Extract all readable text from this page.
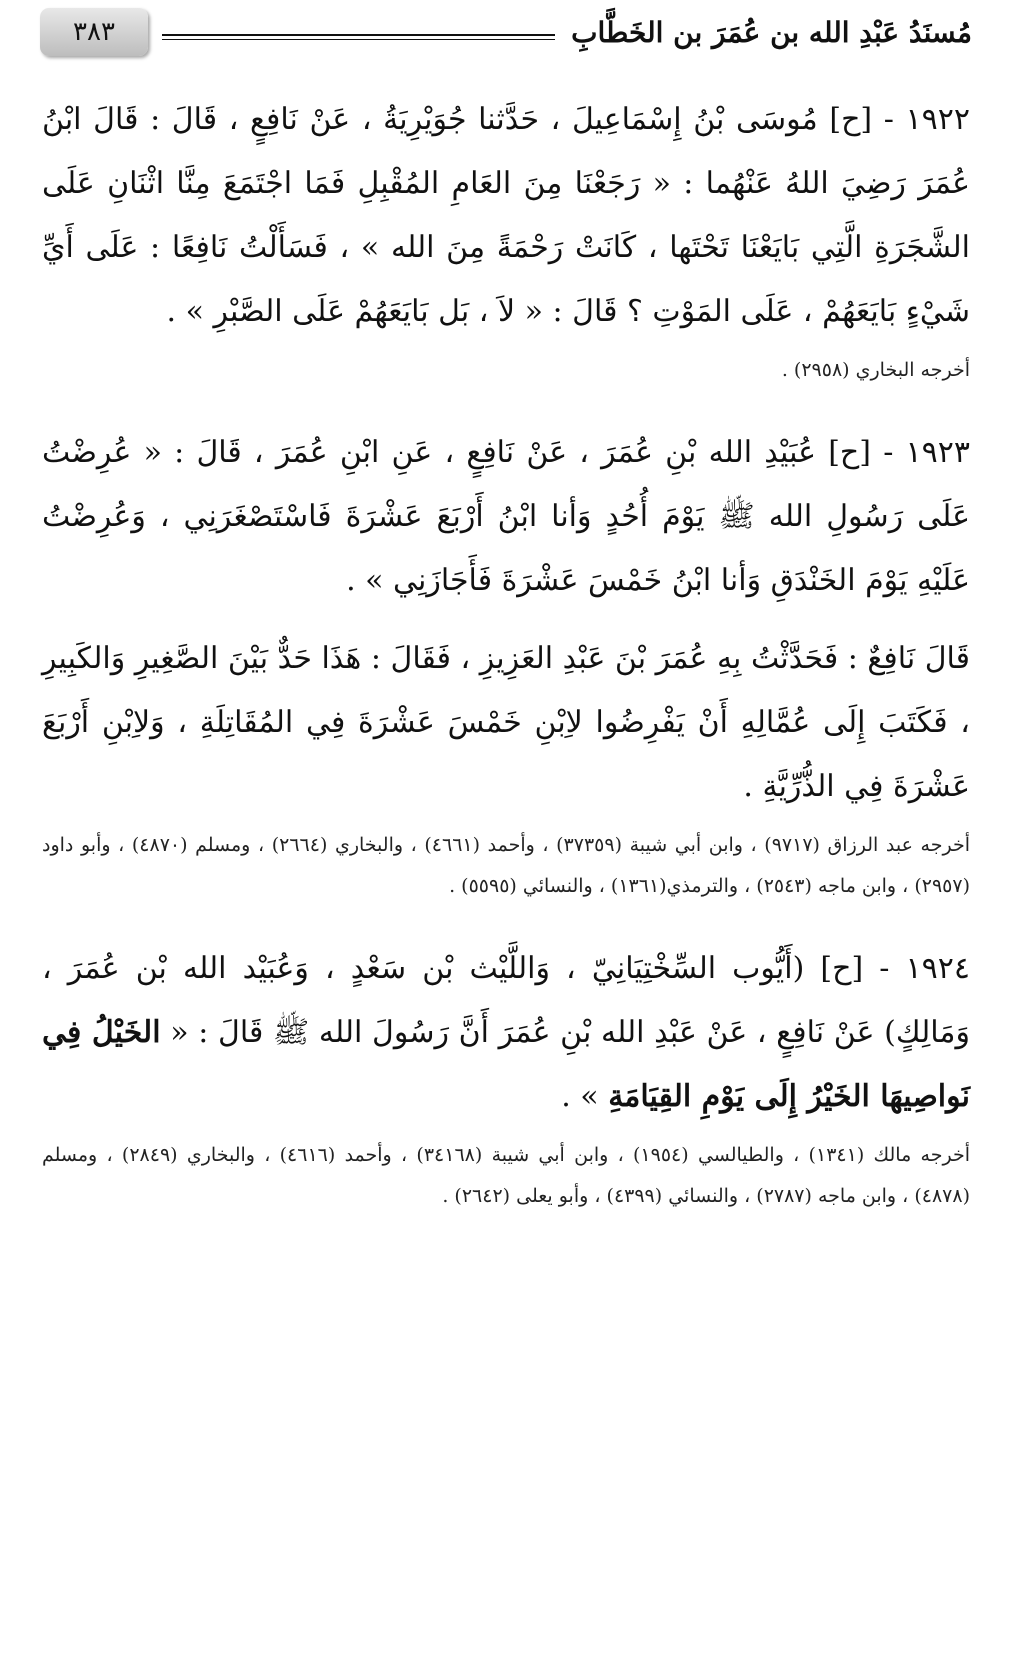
مُسنَدُ عَبْدِ الله بن عُمَرَ بن الخَطَّابِ
٣٨٣

١٩٢٢ - [ح] مُوسَى بْنُ إِسْمَاعِيلَ ، حَدَّثنا جُوَيْرِيَةُ ، عَنْ نَافِعٍ ، قَالَ : قَالَ ابْنُ عُمَرَ رَضِيَ اللهُ عَنْهُما : « رَجَعْنَا مِنَ العَامِ المُقْبِلِ فَمَا اجْتَمَعَ مِنَّا اثْنَانِ عَلَى الشَّجَرَةِ الَّتِي بَايَعْنَا تَحْتَها ، كَانَتْ رَحْمَةً مِنَ الله » ، فَسَأَلْتُ نَافِعًا : عَلَى أَيِّ شَيْءٍ بَايَعَهُمْ ، عَلَى المَوْتِ ؟ قَالَ : « لاَ ، بَل بَايَعَهُمْ عَلَى الصَّبْرِ » .

أخرجه البخاري (٢٩٥٨) .

١٩٢٣ - [ح] عُبَيْدِ الله بْنِ عُمَرَ ، عَنْ نَافِعٍ ، عَنِ ابْنِ عُمَرَ ، قَالَ : « عُرِضْتُ عَلَى رَسُولِ الله ﷺ يَوْمَ أُحُدٍ وَأنا ابْنُ أَرْبَعَ عَشْرَةَ فَاسْتَصْغَرَنِي ، وَعُرِضْتُ عَلَيْهِ يَوْمَ الخَنْدَقِ وَأنا ابْنُ خَمْسَ عَشْرَةَ فَأَجَازَنِي » .

قَالَ نَافِعٌ : فَحَدَّثْتُ بِهِ عُمَرَ بْنَ عَبْدِ العَزِيزِ ، فَقَالَ : هَذَا حَدٌّ بَيْنَ الصَّغِيرِ وَالكَبِيرِ ، فَكَتَبَ إِلَى عُمَّالِهِ أَنْ يَفْرِضُوا لاِبْنِ خَمْسَ عَشْرَةَ فِي المُقَاتِلَةِ ، وَلاِبْنِ أَرْبَعَ عَشْرَةَ فِي الذُّرِّيَّةِ .

أخرجه عبد الرزاق (٩٧١٧) ، وابن أبي شيبة (٣٧٣٥٩) ، وأحمد (٤٦٦١) ، والبخاري (٢٦٦٤) ، ومسلم (٤٨٧٠) ، وأبو داود (٢٩٥٧) ، وابن ماجه (٢٥٤٣) ، والترمذي(١٣٦١) ، والنسائي (٥٥٩٥) .

١٩٢٤ - [ح] (أَيُّوب السِّخْتِيَانِيّ ، وَاللَّيْث بْن سَعْدٍ ، وَعُبَيْد الله بْن عُمَرَ ، وَمَالِكٍ) عَنْ نَافِعٍ ، عَنْ عَبْدِ الله بْنِ عُمَرَ أَنَّ رَسُولَ الله ﷺ قَالَ : « الخَيْلُ فِي نَواصِيهَا الخَيْرُ إِلَى يَوْمِ القِيَامَةِ » .

أخرجه مالك (١٣٤١) ، والطيالسي (١٩٥٤) ، وابن أبي شيبة (٣٤١٦٨) ، وأحمد (٤٦١٦) ، والبخاري (٢٨٤٩) ، ومسلم (٤٨٧٨) ، وابن ماجه (٢٧٨٧) ، والنسائي (٤٣٩٩) ، وأبو يعلى (٢٦٤٢) .
